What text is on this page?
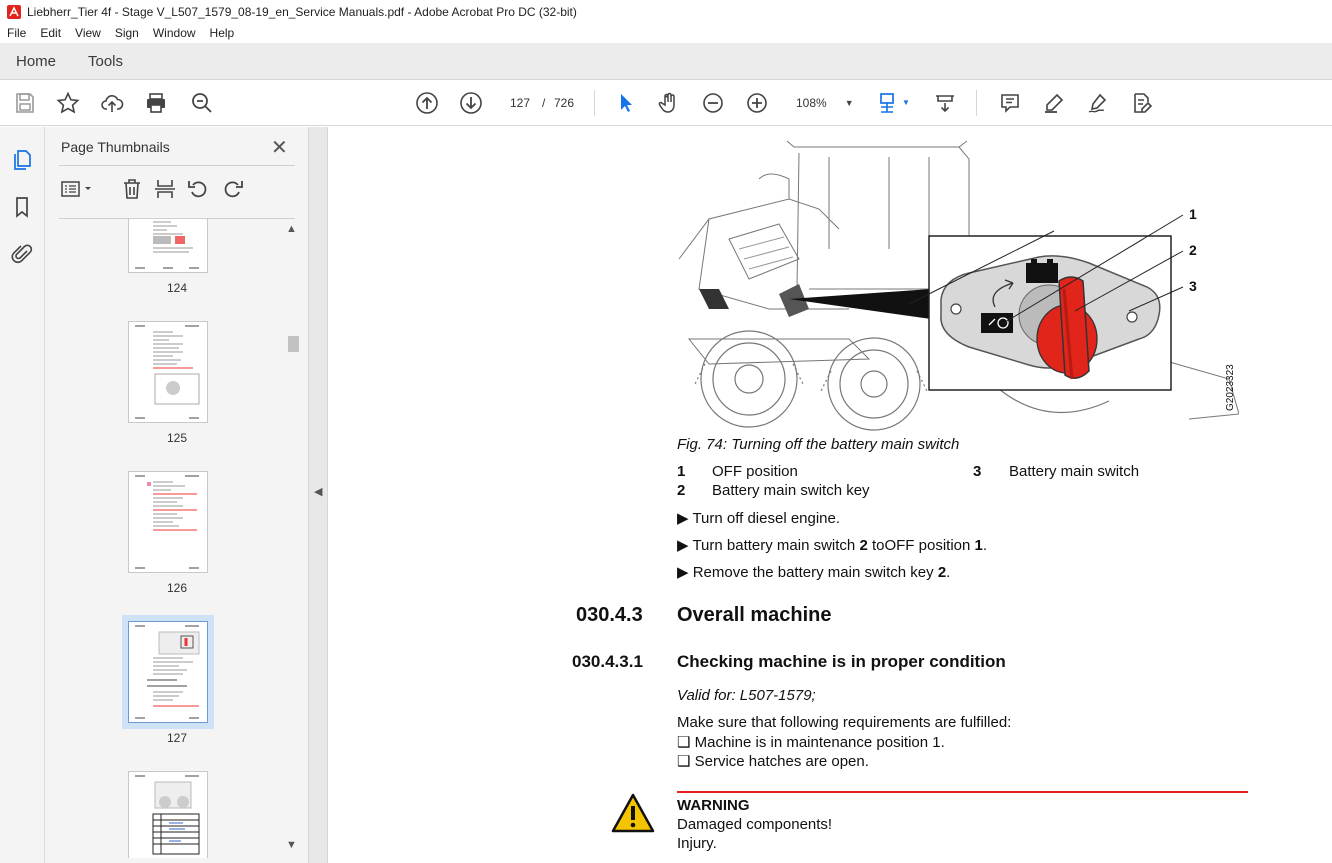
Liebherr_Tier 4f - Stage V_L507_1579_08-19_en_Service Manuals.pdf - Adobe Acrobat Pro DC (32-bit)
File	Edit	View	Sign	Window	Help
Home Tools
127 / 726	108% ▼	▼
Page Thumbnails	✕
124
125
126
127
▲
▼
◀
1
2
3
G2023323
Fig. 74: Turning off the battery main switch
1 OFF position
2 Battery main switch key
3 Battery main switch
▶ Turn off diesel engine.
▶ Turn battery main switch 2 toOFF position 1.
▶ Remove the battery main switch key 2.
030.4.3 Overall machine
030.4.3.1 Checking machine is in proper condition
Valid for: L507-1579;
Make sure that following requirements are fulfilled:
❑ Machine is in maintenance position 1.
❑ Service hatches are open.
WARNING
Damaged components!
Injury.
